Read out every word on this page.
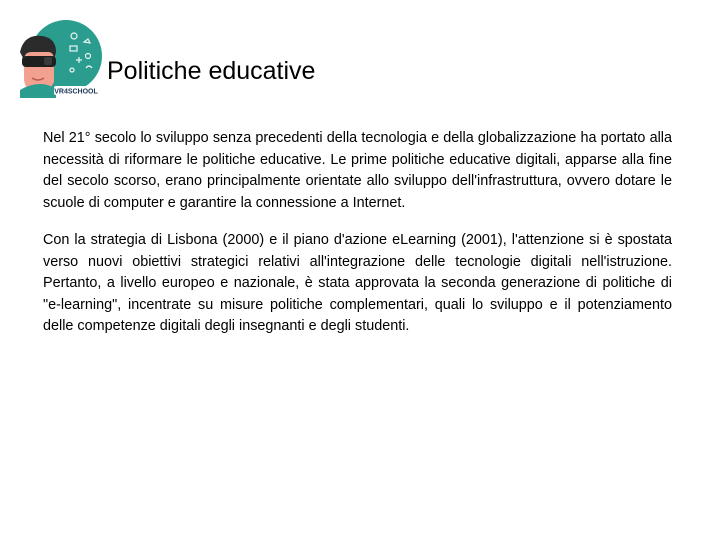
VR4SCHOOL
Politiche educative

Nel 21° secolo lo sviluppo senza precedenti della tecnologia e della globalizzazione ha portato alla necessità di riformare le politiche educative. Le prime politiche educative digitali, apparse alla fine del secolo scorso, erano principalmente orientate allo sviluppo dell'infrastruttura, ovvero dotare le scuole di computer e garantire la connessione a Internet.

Con la strategia di Lisbona (2000) e il piano d'azione eLearning (2001), l'attenzione si è spostata verso nuovi obiettivi strategici relativi all'integrazione delle tecnologie digitali nell'istruzione. Pertanto, a livello europeo e nazionale, è stata approvata la seconda generazione di politiche di "e-learning", incentrate su misure politiche complementari, quali lo sviluppo e il potenziamento delle competenze digitali degli insegnanti e degli studenti.
